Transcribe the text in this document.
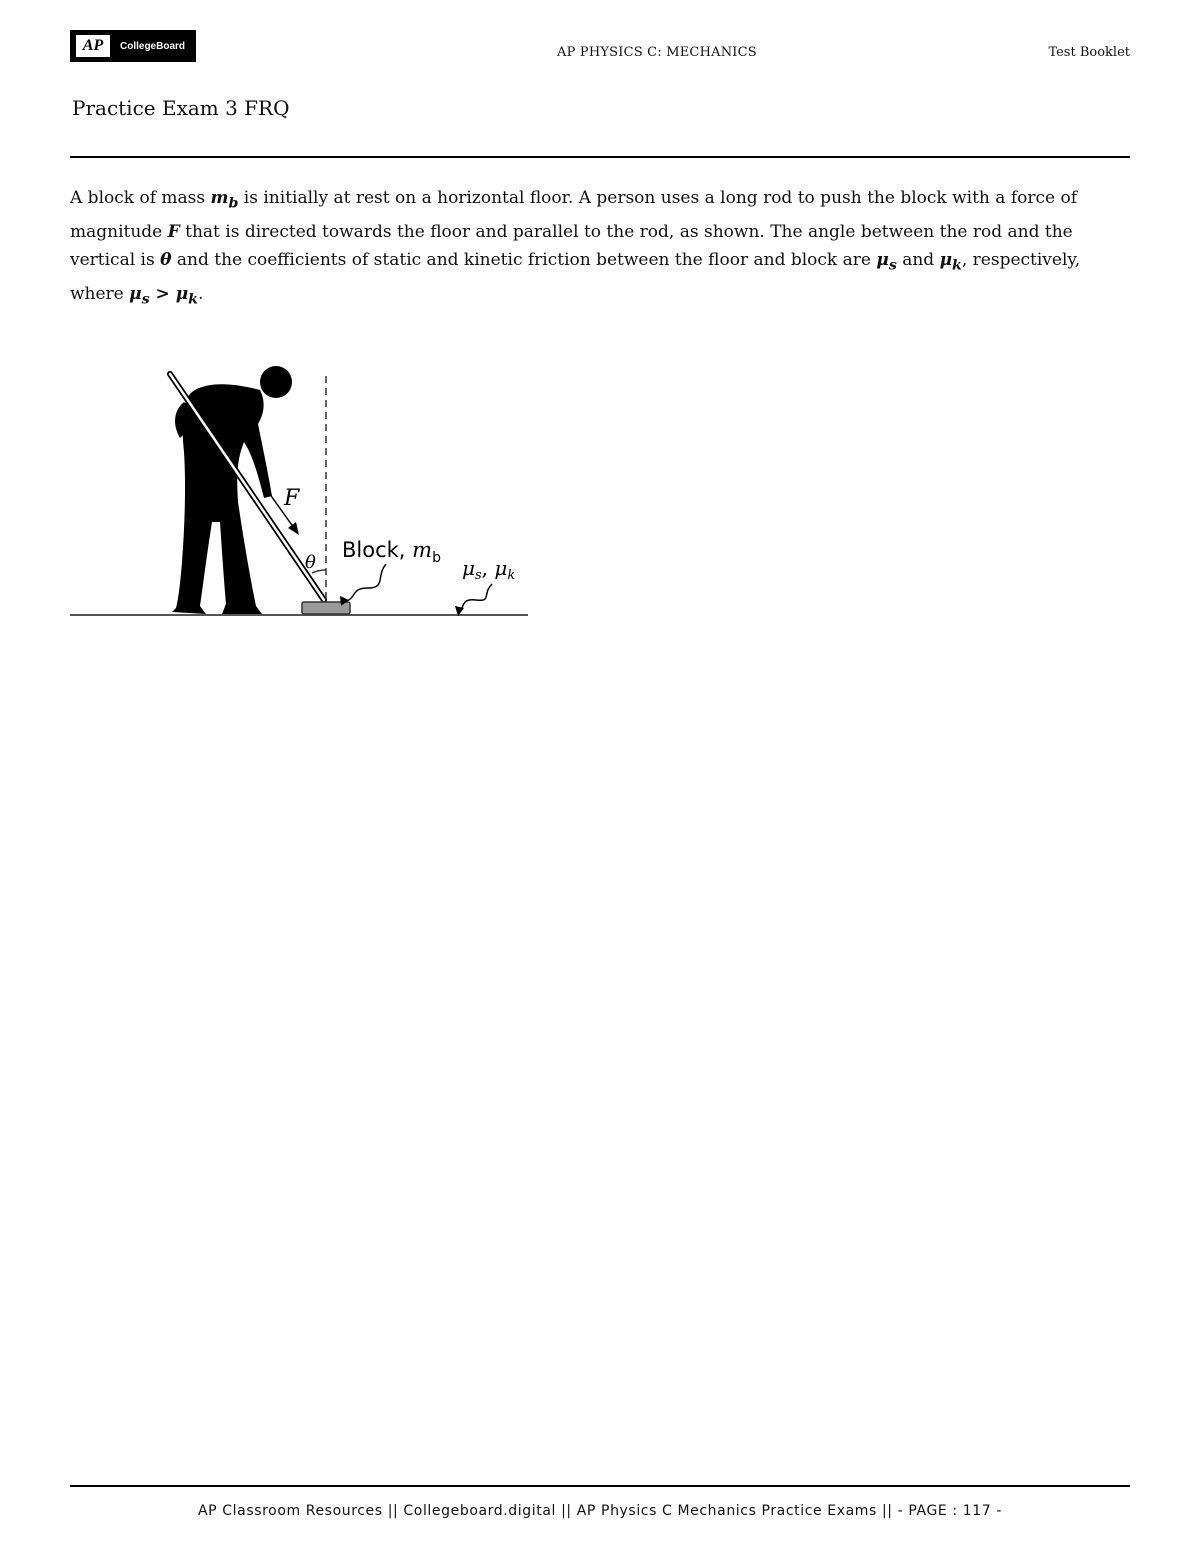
AP	CollegeBoard	AP PHYSICS C: MECHANICS	Test Booklet
Practice Exam 3 FRQ

A block of mass $m_b$ is initially at rest on a horizontal floor. A person uses a long rod to push the block with a force of magnitude F that is directed towards the floor and parallel to the rod, as shown. The angle between the rod and the vertical is θ and the coefficients of static and kinetic friction between the floor and block are $\mu_s$ and $\mu_k$, respectively, where $\mu_s > \mu_k$.

F
θ
Block, $m_b$ $\mu_s$, $\mu_k$
AP Classroom Resources || Collegeboard.digital || AP Physics C Mechanics Practice Exams || - PAGE : 117 -
